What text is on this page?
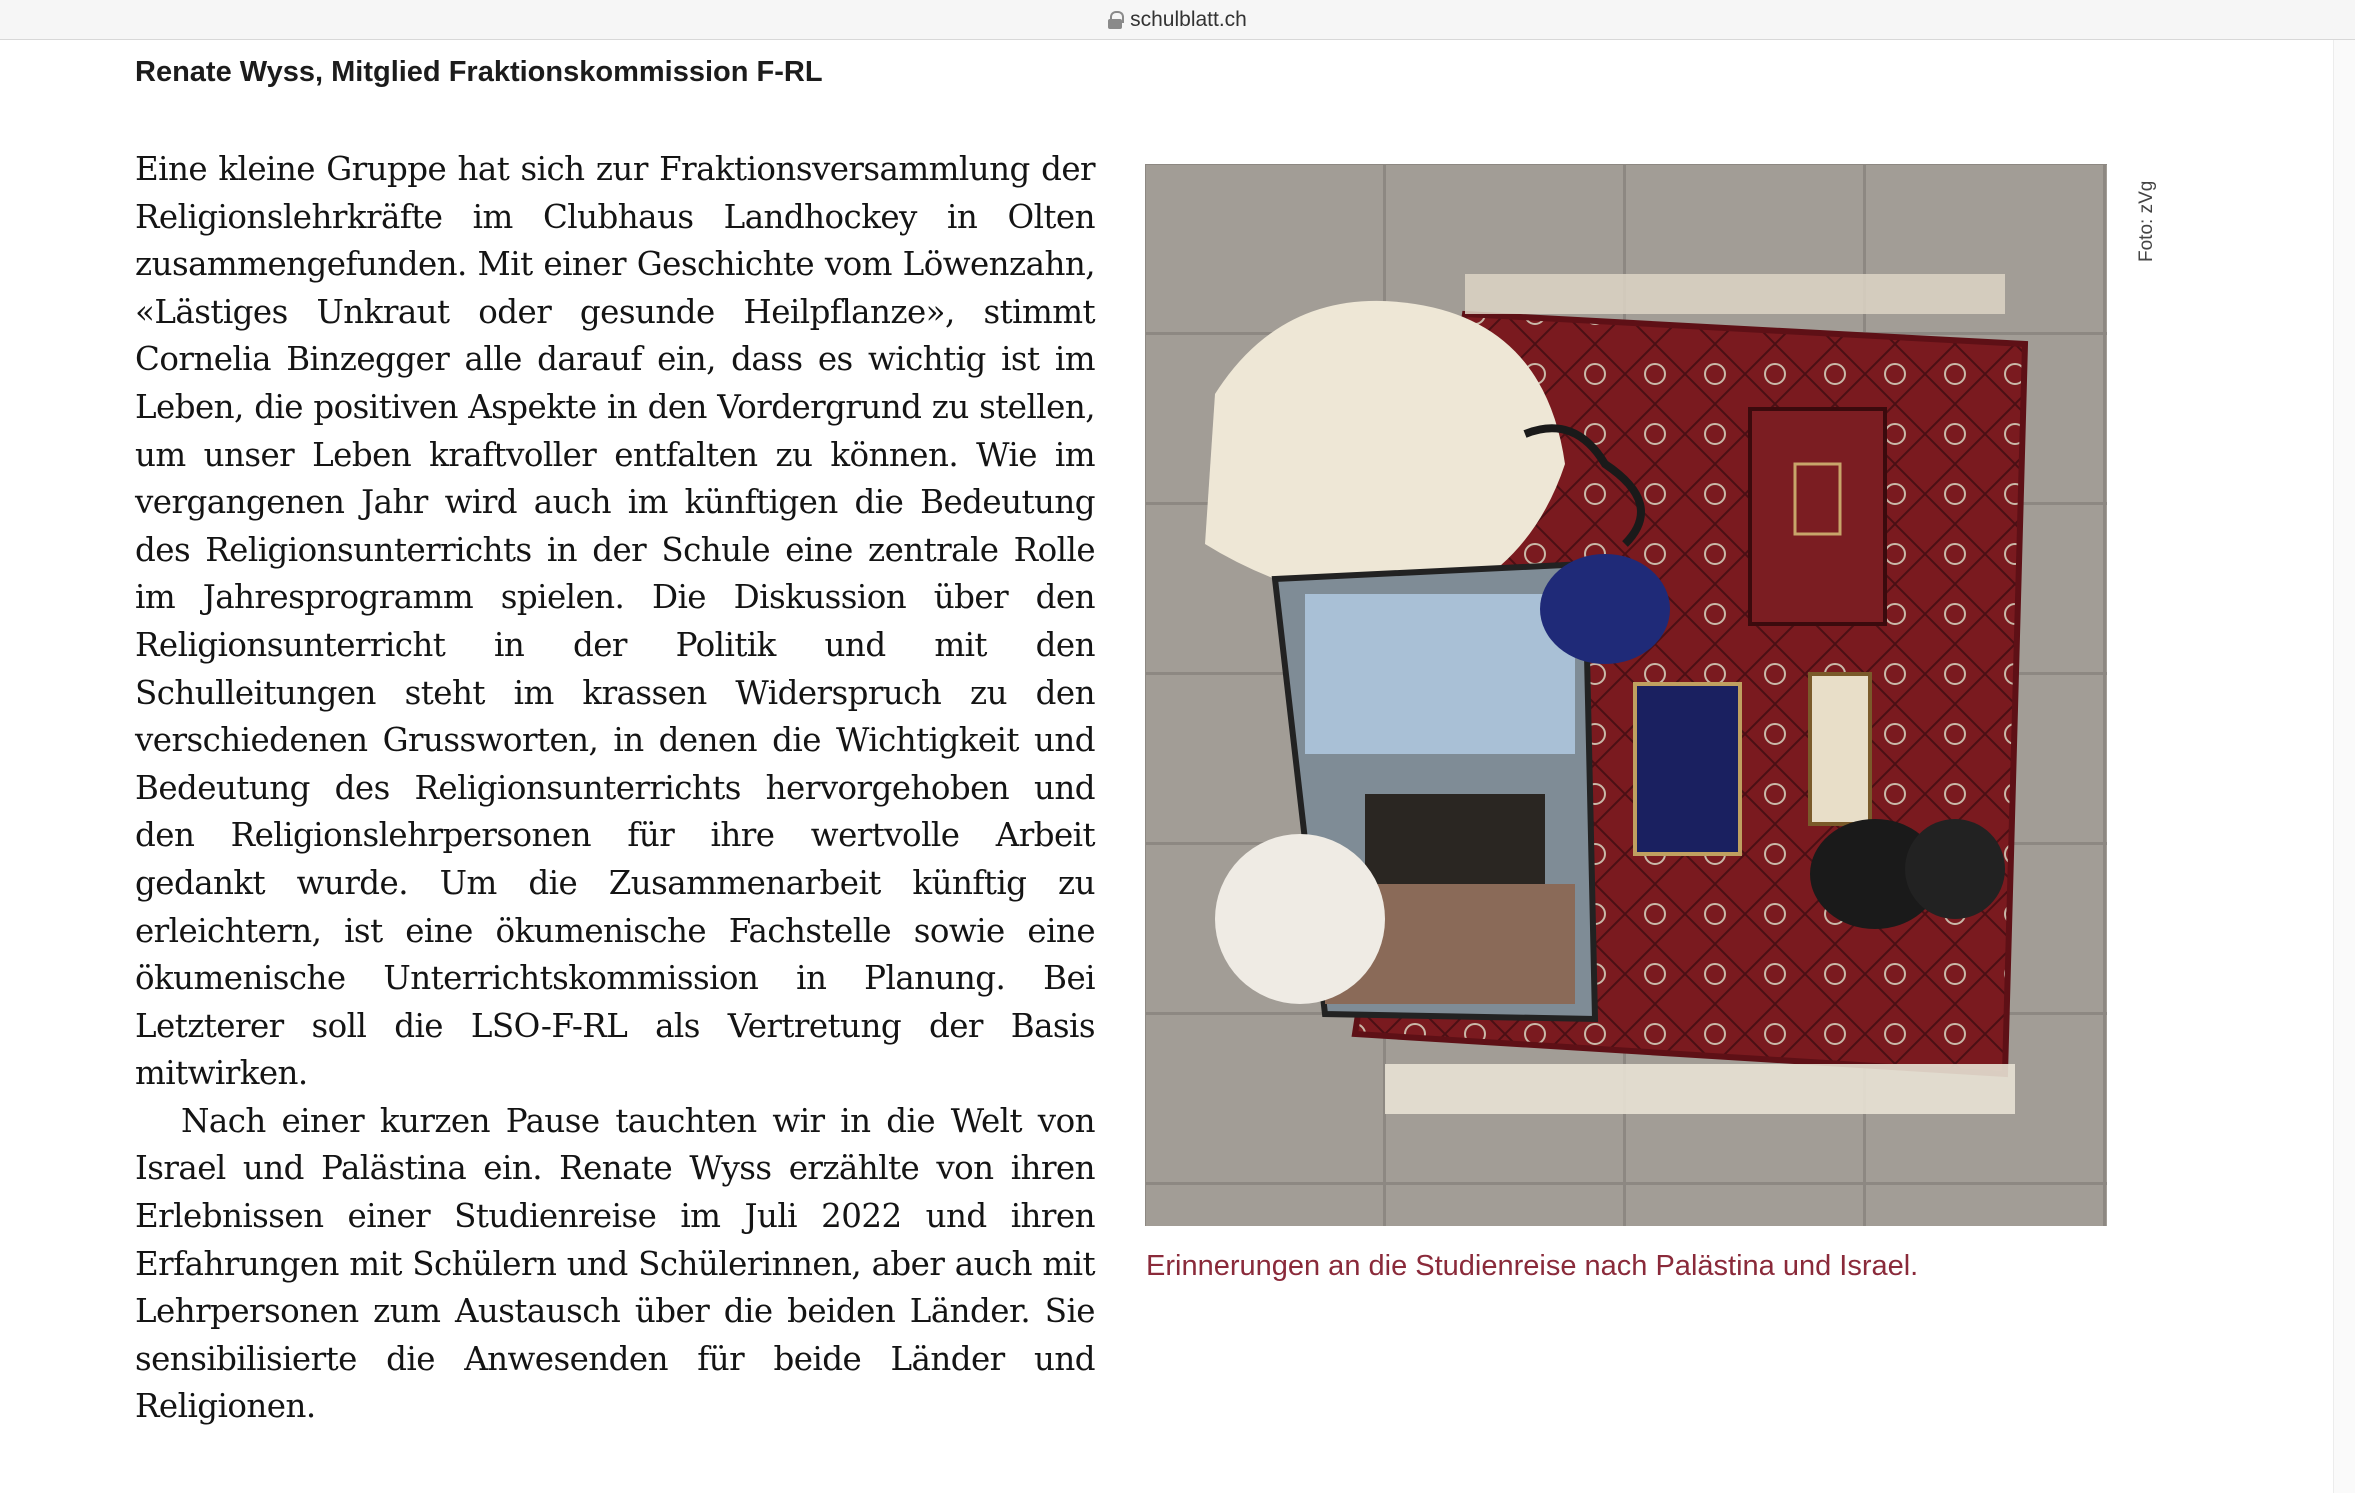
schulblatt.ch
Renate Wyss, Mitglied Fraktionskommission F-RL

Eine kleine Gruppe hat sich zur Fraktionsversammlung der Religionslehrkräfte im Clubhaus Landhockey in Olten zusammengefunden. Mit einer Geschichte vom Löwenzahn, «Lästiges Unkraut oder gesunde Heilpflanze», stimmt Cornelia Binzegger alle darauf ein, dass es wichtig ist im Leben, die positiven Aspekte in den Vordergrund zu stellen, um unser Leben kraftvoller entfalten zu können. Wie im vergangenen Jahr wird auch im künftigen die Bedeutung des Religionsunterrichts in der Schule eine zentrale Rolle im Jahresprogramm spielen. Die Diskussion über den Religionsunterricht in der Politik und mit den Schulleitungen steht im krassen Widerspruch zu den verschiedenen Grussworten, in denen die Wichtigkeit und Bedeutung des Religionsunterrichts hervorgehoben und den Religionslehrpersonen für ihre wertvolle Arbeit gedankt wurde. Um die Zusammenarbeit künftig zu erleichtern, ist eine ökumenische Fachstelle sowie eine ökumenische Unterrichtskommission in Planung. Bei Letzterer soll die LSO-F-RL als Vertretung der Basis mitwirken.

Nach einer kurzen Pause tauchten wir in die Welt von Israel und Palästina ein. Renate Wyss erzählte von ihren Erlebnissen einer Studienreise im Juli 2022 und ihren Erfahrungen mit Schülern und Schülerinnen, aber auch mit Lehrpersonen zum Austausch über die beiden Länder. Sie sensibilisierte die Anwesenden für beide Länder und Religionen.

Foto: zVg
Erinnerungen an die Studienreise nach Palästina und Israel.
